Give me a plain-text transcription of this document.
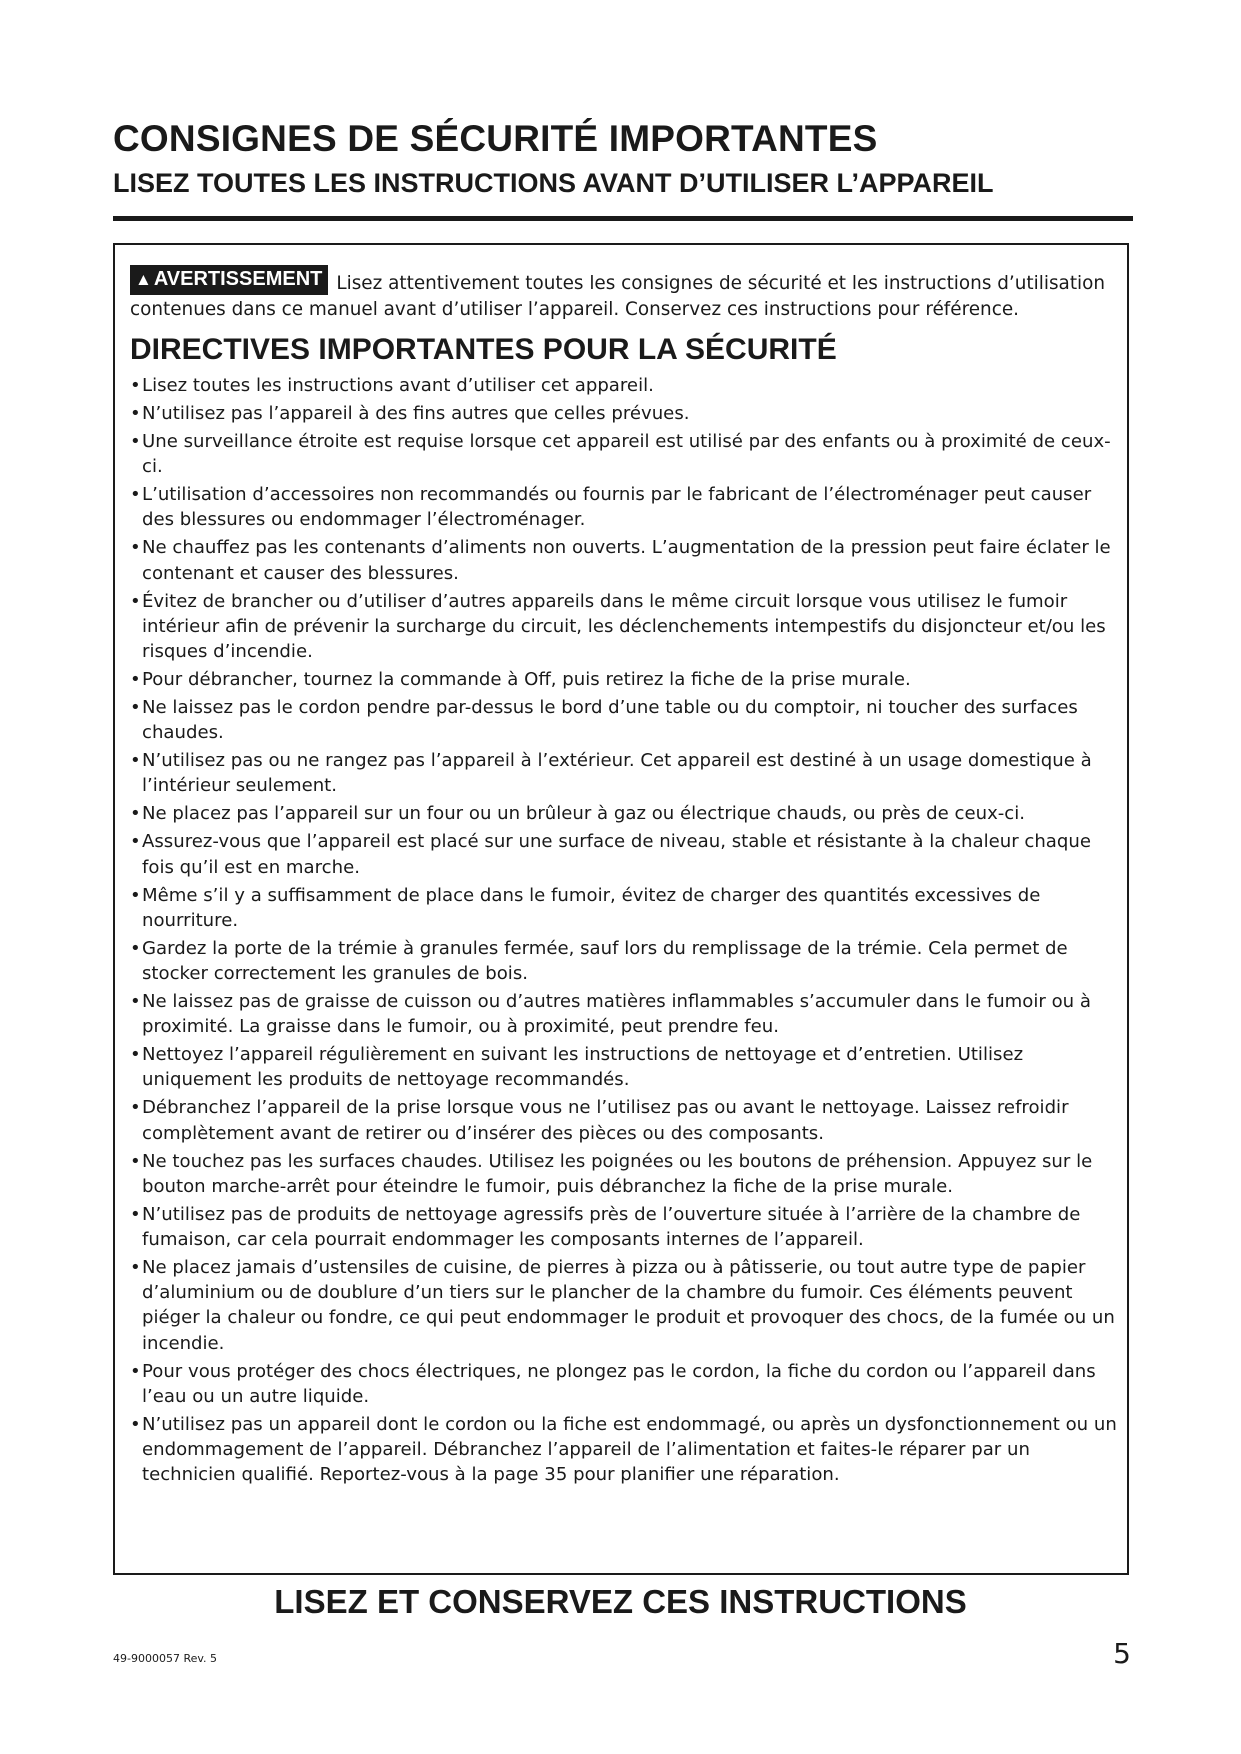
CONSIGNES DE SÉCURITÉ IMPORTANTES
LISEZ TOUTES LES INSTRUCTIONS AVANT D’UTILISER L’APPAREIL

▲ AVERTISSEMENT Lisez attentivement toutes les consignes de sécurité et les instructions d’utilisation contenues dans ce manuel avant d’utiliser l’appareil. Conservez ces instructions pour référence.

DIRECTIVES IMPORTANTES POUR LA SÉCURITÉ
• Lisez toutes les instructions avant d’utiliser cet appareil.
• N’utilisez pas l’appareil à des fins autres que celles prévues.
• Une surveillance étroite est requise lorsque cet appareil est utilisé par des enfants ou à proximité de ceux-ci.
• L’utilisation d’accessoires non recommandés ou fournis par le fabricant de l’électroménager peut causer des blessures ou endommager l’électroménager.
• Ne chauffez pas les contenants d’aliments non ouverts. L’augmentation de la pression peut faire éclater le contenant et causer des blessures.
• Évitez de brancher ou d’utiliser d’autres appareils dans le même circuit lorsque vous utilisez le fumoir intérieur afin de prévenir la surcharge du circuit, les déclenchements intempestifs du disjoncteur et/ou les risques d’incendie.
• Pour débrancher, tournez la commande à Off, puis retirez la fiche de la prise murale.
• Ne laissez pas le cordon pendre par-dessus le bord d’une table ou du comptoir, ni toucher des surfaces chaudes.
• N’utilisez pas ou ne rangez pas l’appareil à l’extérieur. Cet appareil est destiné à un usage domestique à l’intérieur seulement.
• Ne placez pas l’appareil sur un four ou un brûleur à gaz ou électrique chauds, ou près de ceux-ci.
• Assurez-vous que l’appareil est placé sur une surface de niveau, stable et résistante à la chaleur chaque fois qu’il est en marche.
• Même s’il y a suffisamment de place dans le fumoir, évitez de charger des quantités excessives de nourriture.
• Gardez la porte de la trémie à granules fermée, sauf lors du remplissage de la trémie. Cela permet de stocker correctement les granules de bois.
• Ne laissez pas de graisse de cuisson ou d’autres matières inflammables s’accumuler dans le fumoir ou à proximité. La graisse dans le fumoir, ou à proximité, peut prendre feu.
• Nettoyez l’appareil régulièrement en suivant les instructions de nettoyage et d’entretien. Utilisez uniquement les produits de nettoyage recommandés.
• Débranchez l’appareil de la prise lorsque vous ne l’utilisez pas ou avant le nettoyage. Laissez refroidir complètement avant de retirer ou d’insérer des pièces ou des composants.
• Ne touchez pas les surfaces chaudes. Utilisez les poignées ou les boutons de préhension. Appuyez sur le bouton marche-arrêt pour éteindre le fumoir, puis débranchez la fiche de la prise murale.
• N’utilisez pas de produits de nettoyage agressifs près de l’ouverture située à l’arrière de la chambre de fumaison, car cela pourrait endommager les composants internes de l’appareil.
• Ne placez jamais d’ustensiles de cuisine, de pierres à pizza ou à pâtisserie, ou tout autre type de papier d’aluminium ou de doublure d’un tiers sur le plancher de la chambre du fumoir. Ces éléments peuvent piéger la chaleur ou fondre, ce qui peut endommager le produit et provoquer des chocs, de la fumée ou un incendie.
• Pour vous protéger des chocs électriques, ne plongez pas le cordon, la fiche du cordon ou l’appareil dans l’eau ou un autre liquide.
• N’utilisez pas un appareil dont le cordon ou la fiche est endommagé, ou après un dysfonctionnement ou un endommagement de l’appareil. Débranchez l’appareil de l’alimentation et faites-le réparer par un technicien qualifié. Reportez-vous à la page 35 pour planifier une réparation.
LISEZ ET CONSERVEZ CES INSTRUCTIONS
49-9000057 Rev. 5	5
